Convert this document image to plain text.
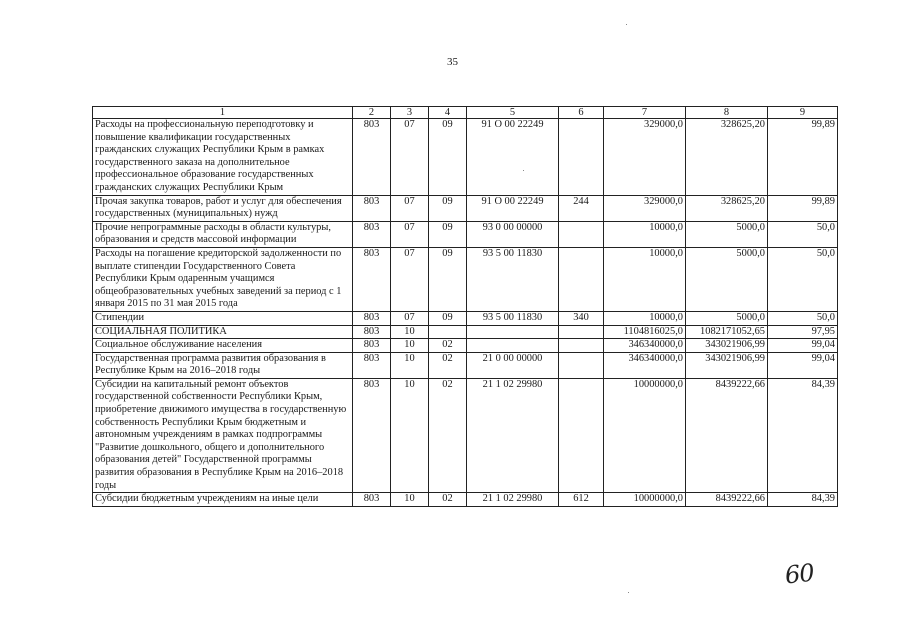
35
1	2	3	4	5	6	7	8	9
Расходы на профессиональную переподготовку и повышение квалификации государственных гражданских служащих Республики Крым в рамках государственного заказа на дополнительное профессиональное образование государственных гражданских служащих Республики Крым	803	07	09	91 О 00 22249		329000,0	328625,20	99,89
Прочая закупка товаров, работ и услуг для обеспечения государственных (муниципальных) нужд	803	07	09	91 О 00 22249	244	329000,0	328625,20	99,89
Прочие непрограммные расходы в области культуры, образования и средств массовой информации	803	07	09	93 0 00 00000		10000,0	5000,0	50,0
Расходы на погашение кредиторской задолженности по выплате стипендии Государственного Совета Республики Крым одаренным учащимся общеобразовательных учебных заведений за период с 1 января 2015 по 31 мая 2015 года	803	07	09	93 5 00 11830		10000,0	5000,0	50,0
Стипендии	803	07	09	93 5 00 11830	340	10000,0	5000,0	50,0
СОЦИАЛЬНАЯ ПОЛИТИКА	803	10				1104816025,0	1082171052,65	97,95
Социальное обслуживание населения	803	10	02			346340000,0	343021906,99	99,04
Государственная программа развития образования в Республике Крым на 2016–2018 годы	803	10	02	21 0 00 00000		346340000,0	343021906,99	99,04
Субсидии на капитальный ремонт объектов государственной собственности Республики Крым, приобретение движимого имущества в государственную собственность Республики Крым бюджетным и автономным учреждениям в рамках подпрограммы "Развитие дошкольного, общего и дополнительного образования детей" Государственной программы развития образования в Республике Крым на 2016–2018 годы	803	10	02	21 1 02 29980		10000000,0	8439222,66	84,39
Субсидии бюджетным учреждениям на иные цели	803	10	02	21 1 02 29980	612	10000000,0	8439222,66	84,39
60
